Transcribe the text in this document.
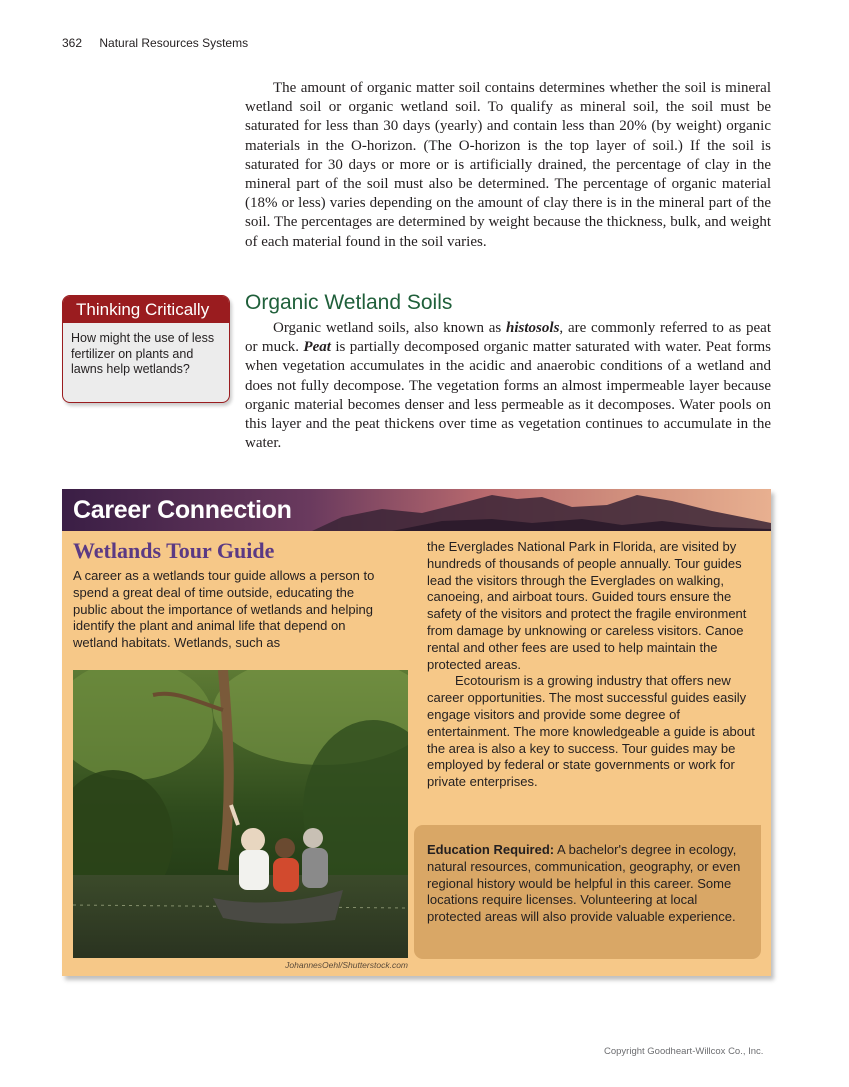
362 Natural Resources Systems

The amount of organic matter soil contains determines whether the soil is mineral wetland soil or organic wetland soil. To qualify as mineral soil, the soil must be saturated for less than 30 days (yearly) and contain less than 20% (by weight) organic materials in the O-horizon. (The O-horizon is the top layer of soil.) If the soil is saturated for 30 days or more or is artificially drained, the percentage of clay in the mineral part of the soil must also be determined. The percentage of organic material (18% or less) varies depending on the amount of clay there is in the mineral part of the soil. The percentages are determined by weight because the thickness, bulk, and weight of each material found in the soil varies.

Thinking Critically
How might the use of less fertilizer on plants and lawns help wetlands?
Organic Wetland Soils

Organic wetland soils, also known as histosols, are commonly referred to as peat or muck. Peat is partially decomposed organic matter saturated with water. Peat forms when vegetation accumulates in the acidic and anaerobic conditions of a wetland and does not fully decompose. The vegetation forms an almost impermeable layer because organic material becomes denser and less permeable as it decomposes. Water pools on this layer and the peat thickens over time as vegetation continues to accumulate in the water.

Career Connection
Wetlands Tour Guide
A career as a wetlands tour guide allows a person to spend a great deal of time outside, educating the public about the importance of wetlands and helping identify the plant and animal life that depend on wetland habitats. Wetlands, such as
JohannesOehl/Shutterstock.com

the Everglades National Park in Florida, are visited by hundreds of thousands of people annually. Tour guides lead the visitors through the Everglades on walking, canoeing, and airboat tours. Guided tours ensure the safety of the visitors and protect the fragile environment from damage by unknowing or careless visitors. Canoe rental and other fees are used to help maintain the protected areas.

Ecotourism is a growing industry that offers new career opportunities. The most successful guides easily engage visitors and provide some degree of entertainment. The more knowledgeable a guide is about the area is also a key to success. Tour guides may be employed by federal or state governments or work for private enterprises.

Education Required: A bachelor's degree in ecology, natural resources, communication, geography, or even regional history would be helpful in this career. Some locations require licenses. Volunteering at local protected areas will also provide valuable experience.
Copyright Goodheart-Willcox Co., Inc.
